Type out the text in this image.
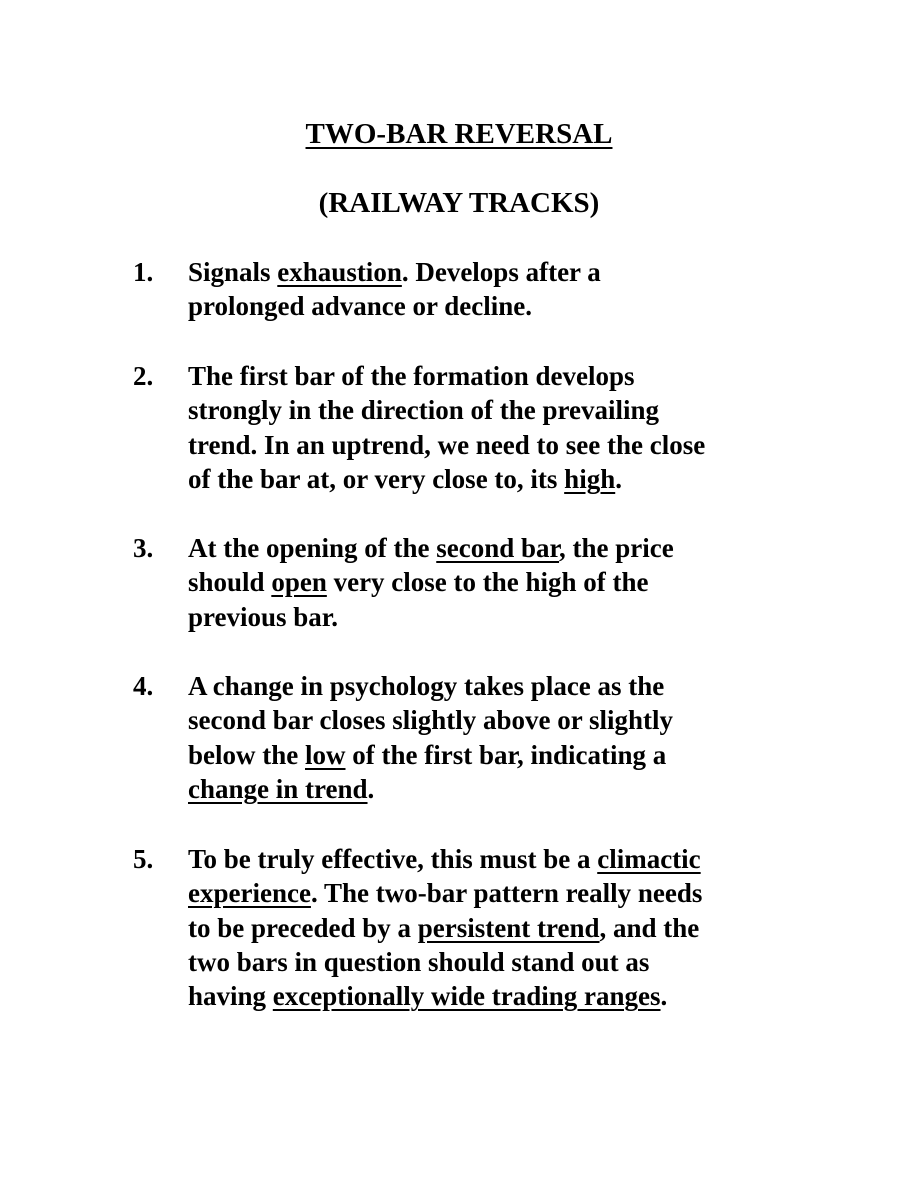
TWO-BAR REVERSAL
(RAILWAY TRACKS)
1.	Signals exhaustion. Develops after a
prolonged advance or decline.
2.	The first bar of the formation develops
strongly in the direction of the prevailing
trend. In an uptrend, we need to see the close
of the bar at, or very close to, its high.
3.	At the opening of the second bar, the price
should open very close to the high of the
previous bar.
4.	A change in psychology takes place as the
second bar closes slightly above or slightly
below the low of the first bar, indicating a
change in trend.
5.	To be truly effective, this must be a climactic
experience. The two-bar pattern really needs
to be preceded by a persistent trend, and the
two bars in question should stand out as
having exceptionally wide trading ranges.
